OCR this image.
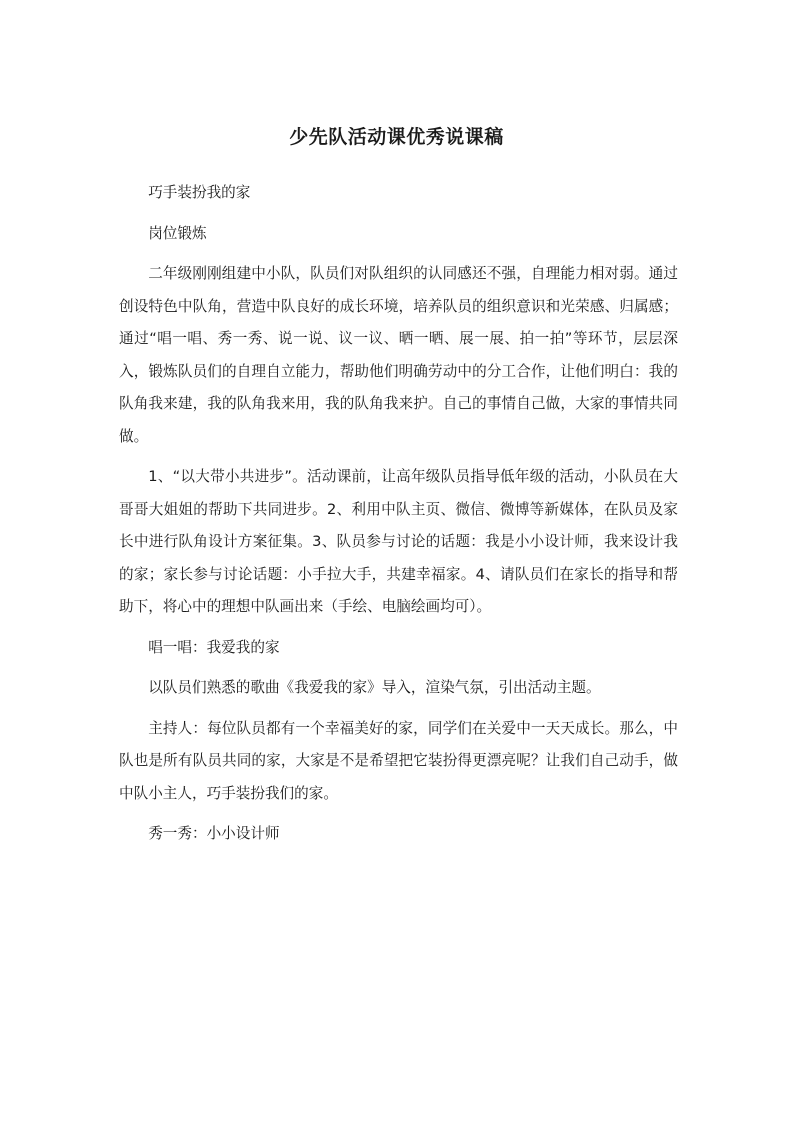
少先队活动课优秀说课稿

巧手装扮我的家

岗位锻炼

二年级刚刚组建中小队，队员们对队组织的认同感还不强，自理能力相对弱。通过创设特色中队角，营造中队良好的成长环境，培养队员的组织意识和光荣感、归属感；通过“唱一唱、秀一秀、说一说、议一议、晒一晒、展一展、拍一拍”等环节，层层深入，锻炼队员们的自理自立能力，帮助他们明确劳动中的分工合作，让他们明白：我的队角我来建，我的队角我来用，我的队角我来护。自己的事情自己做，大家的事情共同做。

1、“以大带小共进步”。活动课前，让高年级队员指导低年级的活动，小队员在大哥哥大姐姐的帮助下共同进步。2、利用中队主页、微信、微博等新媒体，在队员及家长中进行队角设计方案征集。3、队员参与讨论的话题：我是小小设计师，我来设计我的家；家长参与讨论话题：小手拉大手，共建幸福家。4、请队员们在家长的指导和帮助下，将心中的理想中队画出来（手绘、电脑绘画均可）。

唱一唱：我爱我的家

以队员们熟悉的歌曲《我爱我的家》导入，渲染气氛，引出活动主题。

主持人：每位队员都有一个幸福美好的家，同学们在关爱中一天天成长。那么，中队也是所有队员共同的家，大家是不是希望把它装扮得更漂亮呢？让我们自己动手，做中队小主人，巧手装扮我们的家。

秀一秀：小小设计师
